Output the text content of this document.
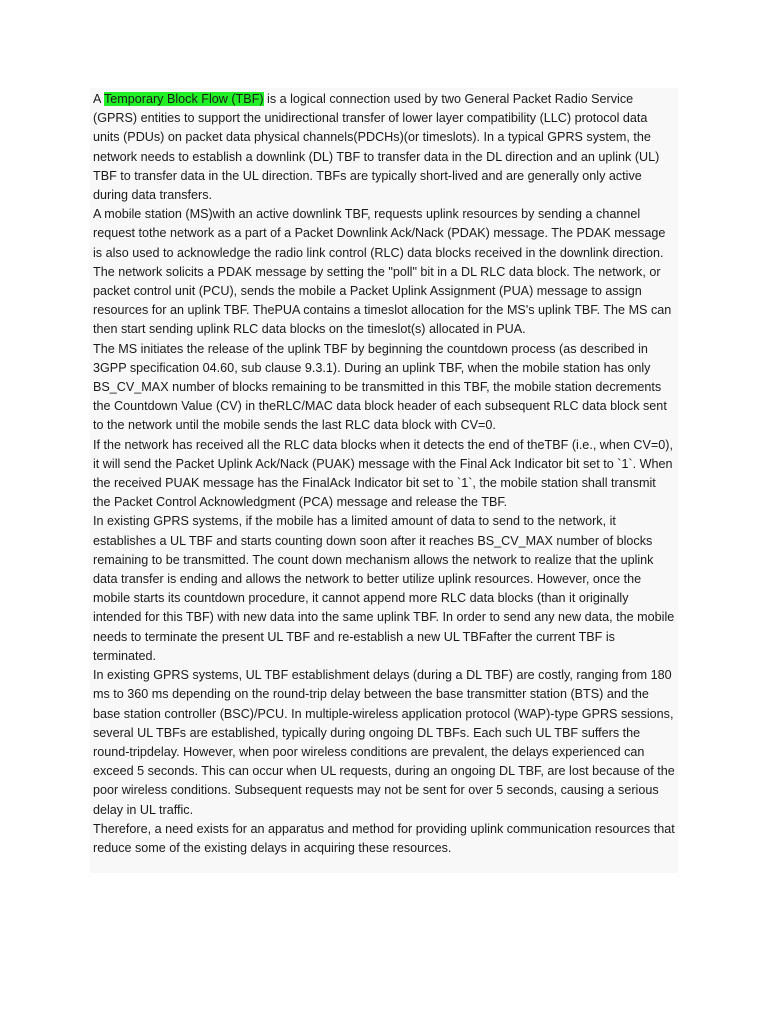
A Temporary Block Flow (TBF) is a logical connection used by two General Packet Radio Service (GPRS) entities to support the unidirectional transfer of lower layer compatibility (LLC) protocol data units (PDUs) on packet data physical channels(PDCHs)(or timeslots). In a typical GPRS system, the network needs to establish a downlink (DL) TBF to transfer data in the DL direction and an uplink (UL) TBF to transfer data in the UL direction. TBFs are typically short-lived and are generally only active during data transfers.

A mobile station (MS)with an active downlink TBF, requests uplink resources by sending a channel request tothe network as a part of a Packet Downlink Ack/Nack (PDAK) message. The PDAK message is also used to acknowledge the radio link control (RLC) data blocks received in the downlink direction. The network solicits a PDAK message by setting the "poll" bit in a DL RLC data block. The network, or packet control unit (PCU), sends the mobile a Packet Uplink Assignment (PUA) message to assign resources for an uplink TBF. ThePUA contains a timeslot allocation for the MS's uplink TBF. The MS can then start sending uplink RLC data blocks on the timeslot(s) allocated in PUA.

The MS initiates the release of the uplink TBF by beginning the countdown process (as described in 3GPP specification 04.60, sub clause 9.3.1). During an uplink TBF, when the mobile station has only BS_CV_MAX number of blocks remaining to be transmitted in this TBF, the mobile station decrements the Countdown Value (CV) in theRLC/MAC data block header of each subsequent RLC data block sent to the network until the mobile sends the last RLC data block with CV=0.

If the network has received all the RLC data blocks when it detects the end of theTBF (i.e., when CV=0), it will send the Packet Uplink Ack/Nack (PUAK) message with the Final Ack Indicator bit set to `1`. When the received PUAK message has the FinalAck Indicator bit set to `1`, the mobile station shall transmit the Packet Control Acknowledgment (PCA) message and release the TBF.

In existing GPRS systems, if the mobile has a limited amount of data to send to the network, it establishes a UL TBF and starts counting down soon after it reaches BS_CV_MAX number of blocks remaining to be transmitted. The count down mechanism allows the network to realize that the uplink data transfer is ending and allows the network to better utilize uplink resources. However, once the mobile starts its countdown procedure, it cannot append more RLC data blocks (than it originally intended for this TBF) with new data into the same uplink TBF. In order to send any new data, the mobile needs to terminate the present UL TBF and re-establish a new UL TBFafter the current TBF is terminated.

In existing GPRS systems, UL TBF establishment delays (during a DL TBF) are costly, ranging from 180 ms to 360 ms depending on the round-trip delay between the base transmitter station (BTS) and the base station controller (BSC)/PCU. In multiple-wireless application protocol (WAP)-type GPRS sessions, several UL TBFs are established, typically during ongoing DL TBFs. Each such UL TBF suffers the round-tripdelay. However, when poor wireless conditions are prevalent, the delays experienced can exceed 5 seconds. This can occur when UL requests, during an ongoing DL TBF, are lost because of the poor wireless conditions. Subsequent requests may not be sent for over 5 seconds, causing a serious delay in UL traffic.

Therefore, a need exists for an apparatus and method for providing uplink communication resources that reduce some of the existing delays in acquiring these resources.
